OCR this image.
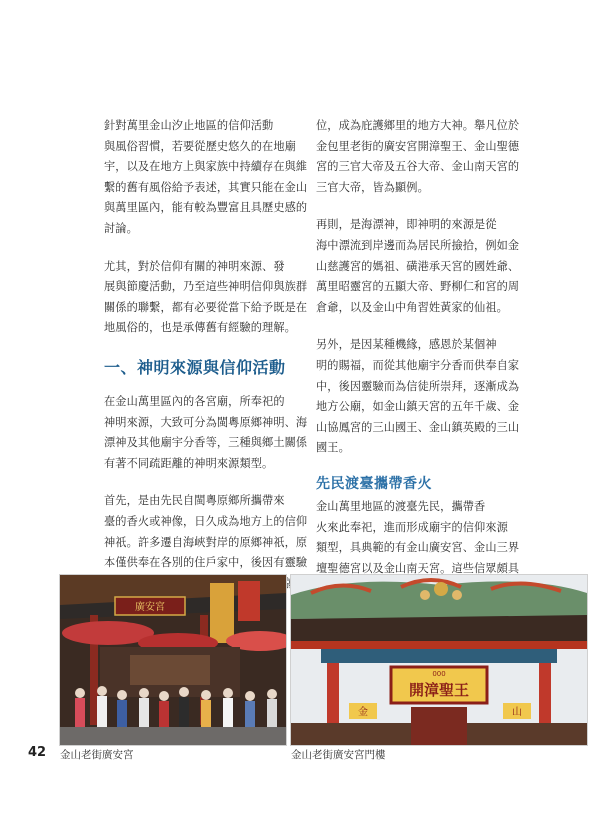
針對萬里金山汐止地區的信仰活動
與風俗習慣，若要從歷史悠久的在地廟
宇，以及在地方上與家族中持續存在與維
繫的舊有風俗給予表述，其實只能在金山
與萬里區內，能有較為豐富且具歷史感的
討論。

尤其，對於信仰有關的神明來源、發
展與節慶活動，乃至這些神明信仰與族群
關係的聯繫，都有必要從當下給予既是在
地風俗的，也是承傳舊有經驗的理解。

一、神明來源與信仰活動

在金山萬里區內的各宮廟，所奉祀的
神明來源，大致可分為閩粵原鄉神明、海
漂神及其他廟宇分香等，三種與鄉土關係
有著不同疏距離的神明來源類型。

首先，是由先民自閩粵原鄉所攜帶來
臺的香火或神像，日久成為地方上的信仰
神祇。許多遷自海峽對岸的原鄉神祇，原
本僅供奉在各別的住戶家中，後因有靈驗

位，成為庇護鄉里的地方大神。舉凡位於
金包里老街的廣安宮開漳聖王、金山聖德
宮的三官大帝及五谷大帝、金山南天宮的
三官大帝，皆為顯例。

再則，是海漂神，即神明的來源是從
海中漂流到岸邊而為居民所撿拾，例如金
山慈護宮的媽祖、磺港承天宮的國姓爺、
萬里昭靈宮的五顯大帝、野柳仁和宮的周
倉爺，以及金山中角習姓黃家的仙祖。

另外，是因某種機緣，感恩於某個神
明的賜福，而從其他廟宇分香而供奉自家
中，後因靈驗而為信徒所崇拜，逐漸成為
地方公廟，如金山鎮天宮的五年千歲、金
山協鳳宮的三山國王、金山鎮英殿的三山
國王。

先民渡臺攜帶香火

金山萬里地區的渡臺先民，攜帶香
火來此奉祀，進而形成廟宇的信仰來源
類型，具典範的有金山廣安宮、金山三界
壇聖德宮以及金山南天宮。這些信眾頗具

廣安宮
000
開漳聖王
金	山
42 金山老街廣安宮	金山老街廣安宮門樓
